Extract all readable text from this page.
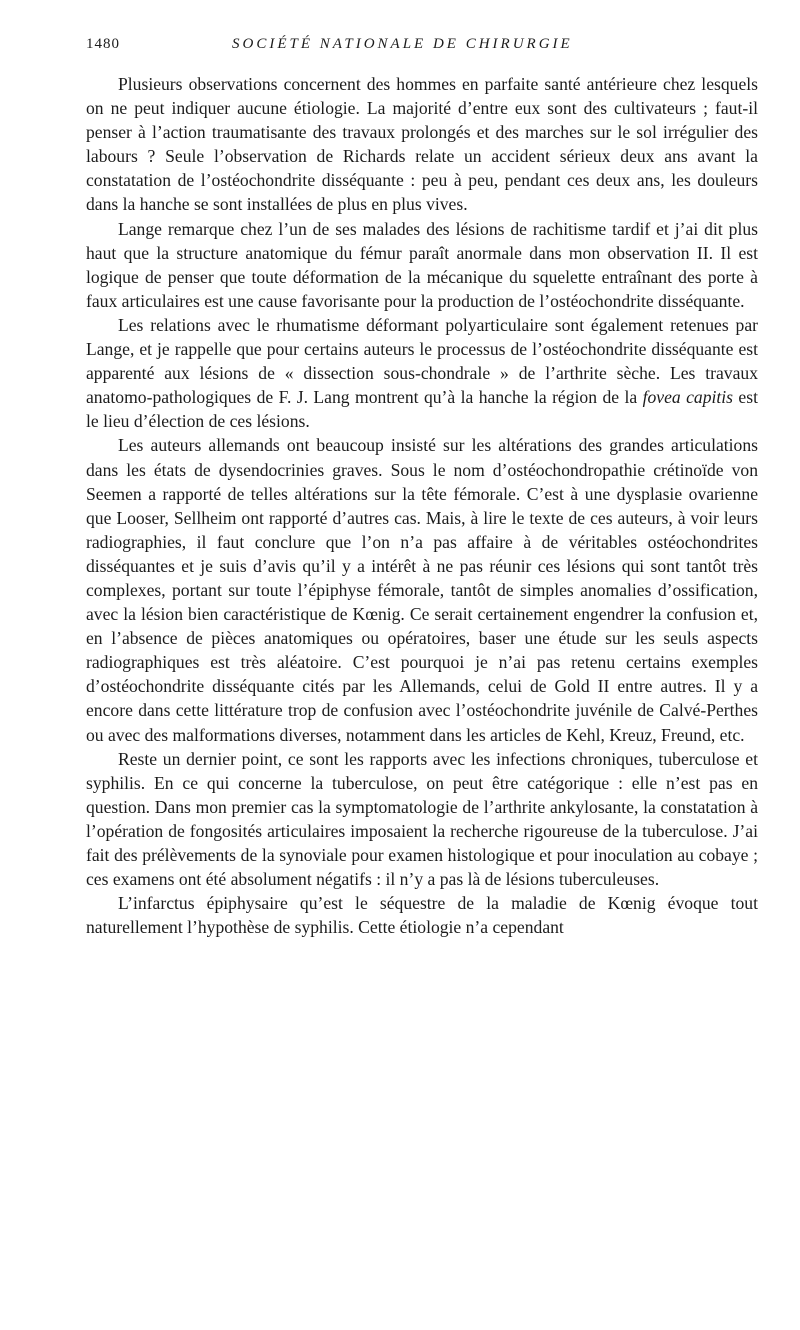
1480	SOCIÉTÉ NATIONALE DE CHIRURGIE

Plusieurs observations concernent des hommes en parfaite santé antérieure chez lesquels on ne peut indiquer aucune étiologie. La majorité d’entre eux sont des cultivateurs ; faut-il penser à l’action traumatisante des travaux prolongés et des marches sur le sol irrégulier des labours ? Seule l’observation de Richards relate un accident sérieux deux ans avant la constatation de l’ostéochondrite disséquante : peu à peu, pendant ces deux ans, les douleurs dans la hanche se sont installées de plus en plus vives.

Lange remarque chez l’un de ses malades des lésions de rachitisme tardif et j’ai dit plus haut que la structure anatomique du fémur paraît anormale dans mon observation II. Il est logique de penser que toute déformation de la mécanique du squelette entraînant des porte à faux articulaires est une cause favorisante pour la production de l’ostéochondrite disséquante.

Les relations avec le rhumatisme déformant polyarticulaire sont également retenues par Lange, et je rappelle que pour certains auteurs le processus de l’ostéochondrite disséquante est apparenté aux lésions de « dissection sous-chondrale » de l’arthrite sèche. Les travaux anatomo-pathologiques de F. J. Lang montrent qu’à la hanche la région de la fovea capitis est le lieu d’élection de ces lésions.

Les auteurs allemands ont beaucoup insisté sur les altérations des grandes articulations dans les états de dysendocrinies graves. Sous le nom d’ostéochondropathie crétinoïde von Seemen a rapporté de telles altérations sur la tête fémorale. C’est à une dysplasie ovarienne que Looser, Sellheim ont rapporté d’autres cas. Mais, à lire le texte de ces auteurs, à voir leurs radiographies, il faut conclure que l’on n’a pas affaire à de véritables ostéochondrites disséquantes et je suis d’avis qu’il y a intérêt à ne pas réunir ces lésions qui sont tantôt très complexes, portant sur toute l’épiphyse fémorale, tantôt de simples anomalies d’ossification, avec la lésion bien caractéristique de Kœnig. Ce serait certainement engendrer la confusion et, en l’absence de pièces anatomiques ou opératoires, baser une étude sur les seuls aspects radiographiques est très aléatoire. C’est pourquoi je n’ai pas retenu certains exemples d’ostéochondrite disséquante cités par les Allemands, celui de Gold II entre autres. Il y a encore dans cette littérature trop de confusion avec l’ostéochondrite juvénile de Calvé-Perthes ou avec des malformations diverses, notamment dans les articles de Kehl, Kreuz, Freund, etc.

Reste un dernier point, ce sont les rapports avec les infections chroniques, tuberculose et syphilis. En ce qui concerne la tuberculose, on peut être catégorique : elle n’est pas en question. Dans mon premier cas la symptomatologie de l’arthrite ankylosante, la constatation à l’opération de fongosités articulaires imposaient la recherche rigoureuse de la tuberculose. J’ai fait des prélèvements de la synoviale pour examen histologique et pour inoculation au cobaye ; ces examens ont été absolument négatifs : il n’y a pas là de lésions tuberculeuses.

L’infarctus épiphysaire qu’est le séquestre de la maladie de Kœnig évoque tout naturellement l’hypothèse de syphilis. Cette étiologie n’a cependant
